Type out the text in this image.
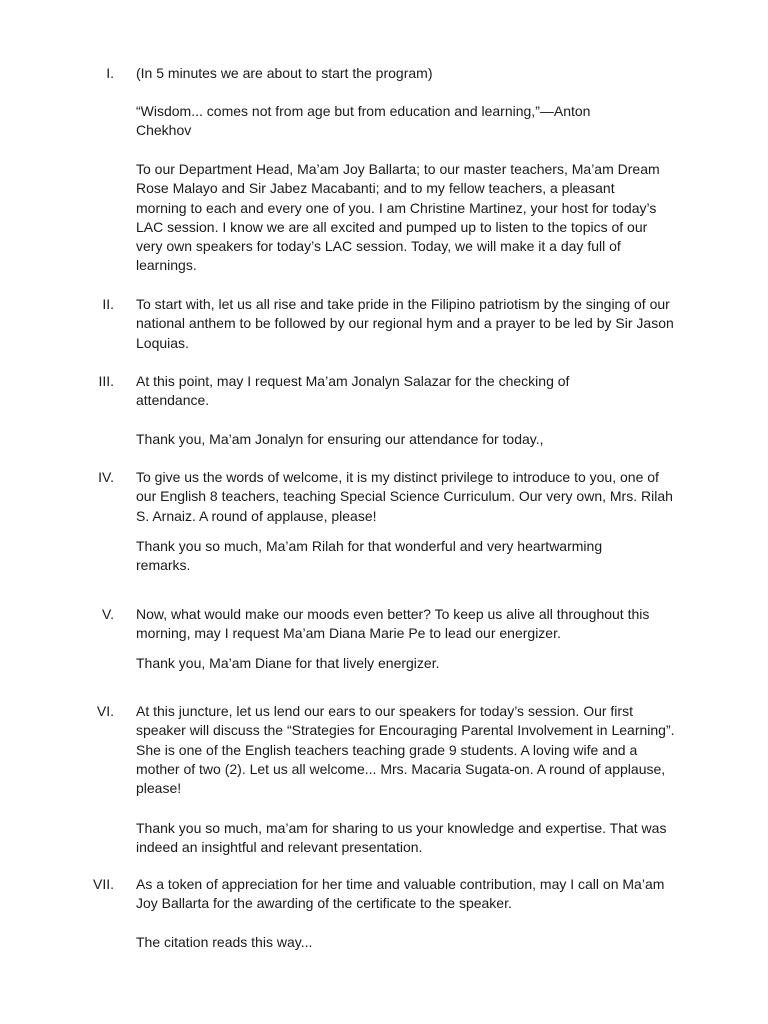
I. (In 5 minutes we are about to start the program)

“Wisdom... comes not from age but from education and learning,”—Anton Chekhov

To our Department Head, Ma’am Joy Ballarta; to our master teachers, Ma’am Dream Rose Malayo and Sir Jabez Macabanti; and to my fellow teachers, a pleasant morning to each and every one of you. I am Christine Martinez, your host for today’s LAC session. I know we are all excited and pumped up to listen to the topics of our very own speakers for today’s LAC session. Today, we will make it a day full of learnings.

II. To start with, let us all rise and take pride in the Filipino patriotism by the singing of our national anthem to be followed by our regional hym and a prayer to be led by Sir Jason Loquias.

III. At this point, may I request Ma’am Jonalyn Salazar for the checking of attendance.

Thank you, Ma’am Jonalyn for ensuring our attendance for today.,

IV. To give us the words of welcome, it is my distinct privilege to introduce to you, one of our English 8 teachers, teaching Special Science Curriculum. Our very own, Mrs. Rilah S. Arnaiz. A round of applause, please!

Thank you so much, Ma’am Rilah for that wonderful and very heartwarming remarks.

V. Now, what would make our moods even better? To keep us alive all throughout this morning, may I request Ma’am Diana Marie Pe to lead our energizer.

Thank you, Ma’am Diane for that lively energizer.

VI. At this juncture, let us lend our ears to our speakers for today’s session. Our first speaker will discuss the “Strategies for Encouraging Parental Involvement in Learning”. She is one of the English teachers teaching grade 9 students. A loving wife and a mother of two (2). Let us all welcome... Mrs. Macaria Sugata-on. A round of applause, please!

Thank you so much, ma’am for sharing to us your knowledge and expertise. That was indeed an insightful and relevant presentation.

VII. As a token of appreciation for her time and valuable contribution, may I call on Ma’am Joy Ballarta for the awarding of the certificate to the speaker.

The citation reads this way...
